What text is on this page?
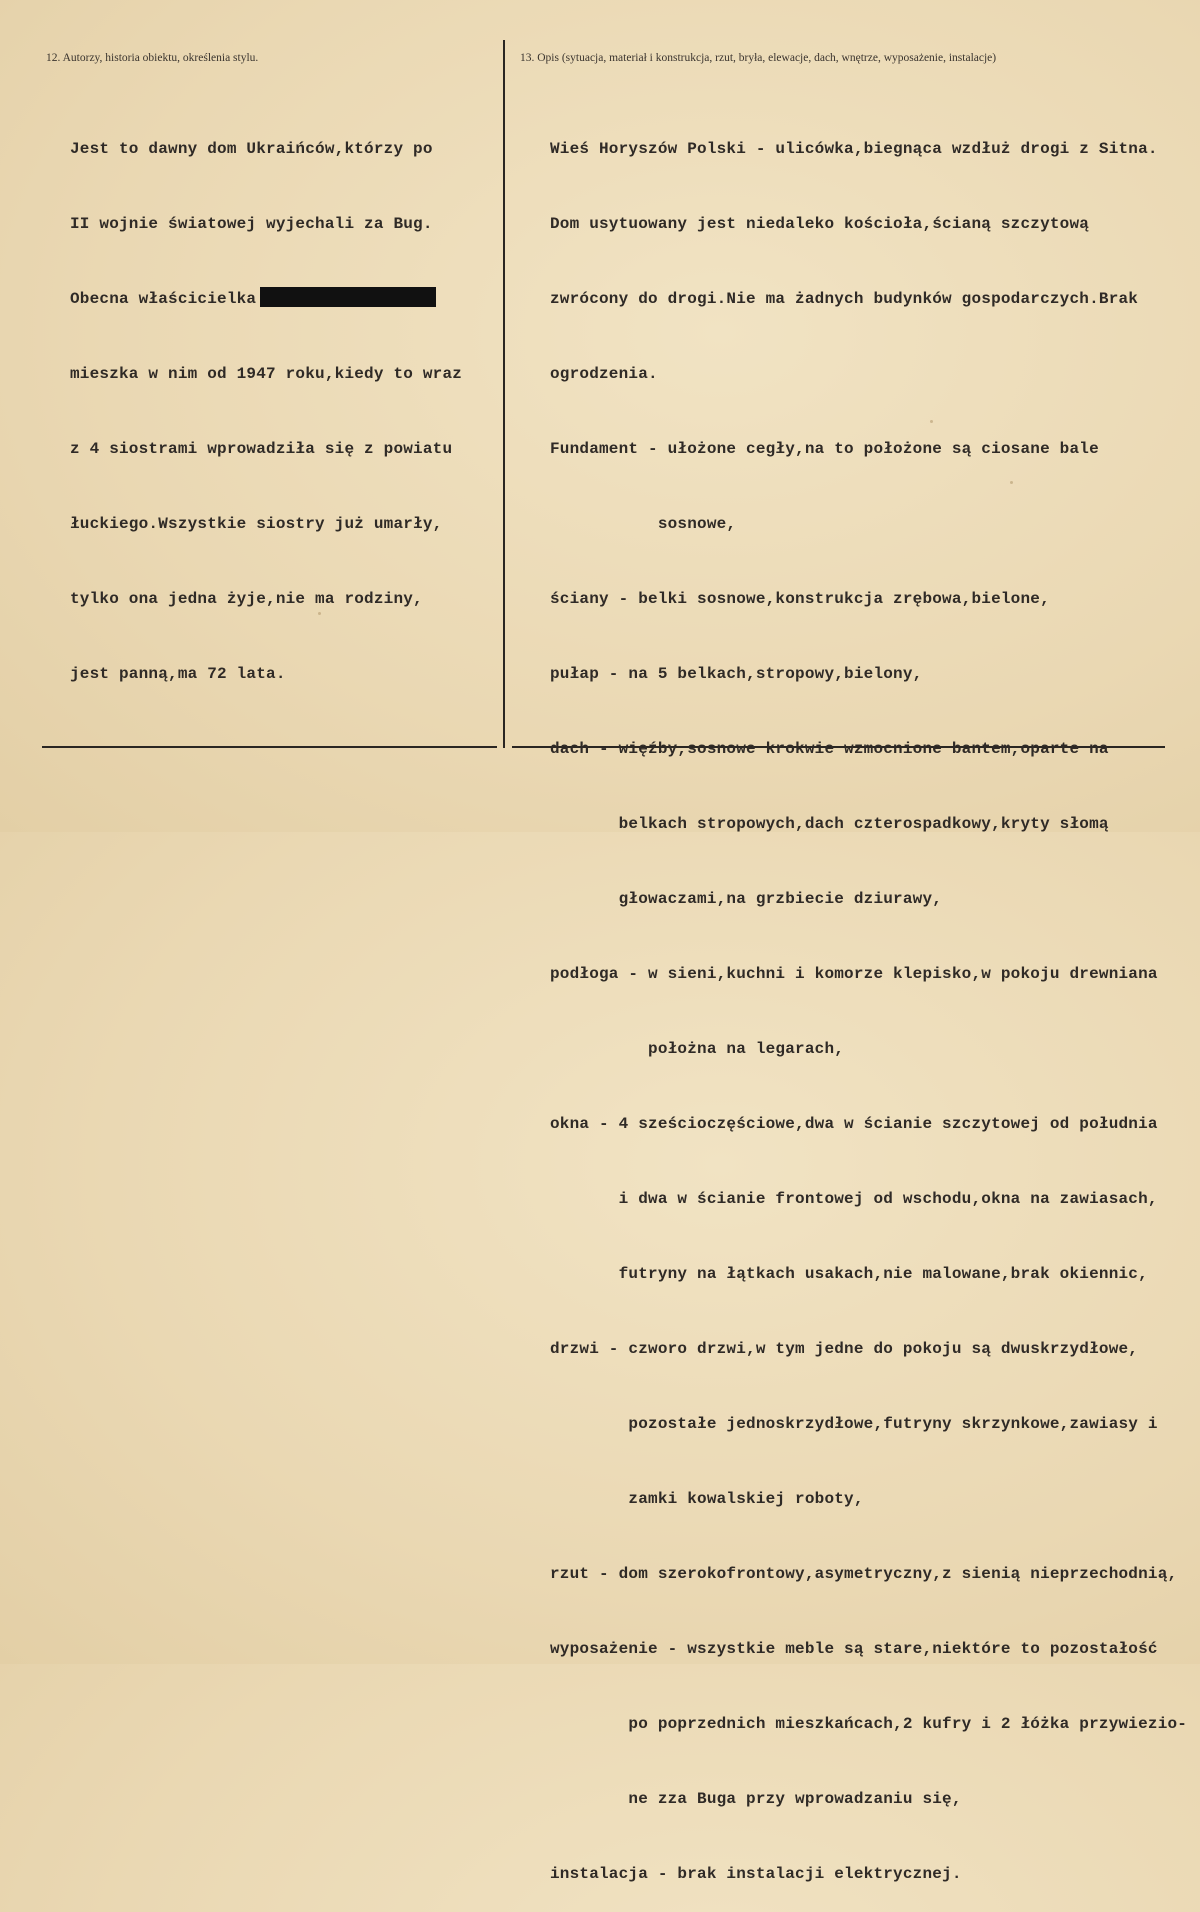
12. Autorzy, historia obiektu, określenia stylu.	13. Opis (sytuacja, materiał i konstrukcja, rzut, bryła, elewacje, dach, wnętrze, wyposażenie, instalacje)

Jest to dawny dom Ukraińców,którzy po

II wojnie światowej wyjechali za Bug.

Obecna właścicielka

mieszka w nim od 1947 roku,kiedy to wraz

z 4 siostrami wprowadziła się z powiatu

łuckiego.Wszystkie siostry już umarły,

tylko ona jedna żyje,nie ma rodziny,

jest panną,ma 72 lata.

Wieś Horyszów Polski - ulicówka,biegnąca wzdłuż drogi z Sitna.

Dom usytuowany jest niedaleko kościoła,ścianą szczytową

zwrócony do drogi.Nie ma żadnych budynków gospodarczych.Brak

ogrodzenia.

Fundament - ułożone cegły,na to położone są ciosane bale

sosnowe,

ściany - belki sosnowe,konstrukcja zrębowa,bielone,

pułap - na 5 belkach,stropowy,bielony,

dach - więźby,sosnowe krokwie wzmocnione bantem,oparte na

belkach stropowych,dach czterospadkowy,kryty słomą

głowaczami,na grzbiecie dziurawy,

podłoga - w sieni,kuchni i komorze klepisko,w pokoju drewniana

położna na legarach,

okna - 4 sześcioczęściowe,dwa w ścianie szczytowej od południa

i dwa w ścianie frontowej od wschodu,okna na zawiasach,

futryny na łątkach usakach,nie malowane,brak okiennic,

drzwi - czworo drzwi,w tym jedne do pokoju są dwuskrzydłowe,

pozostałe jednoskrzydłowe,futryny skrzynkowe,zawiasy i

zamki kowalskiej roboty,

rzut - dom szerokofrontowy,asymetryczny,z sienią nieprzechodnią,

wyposażenie - wszystkie meble są stare,niektóre to pozostałość

po poprzednich mieszkańcach,2 kufry i 2 łóżka przywiezio-

ne zza Buga przy wprowadzaniu się,

instalacja - brak instalacji elektrycznej.
